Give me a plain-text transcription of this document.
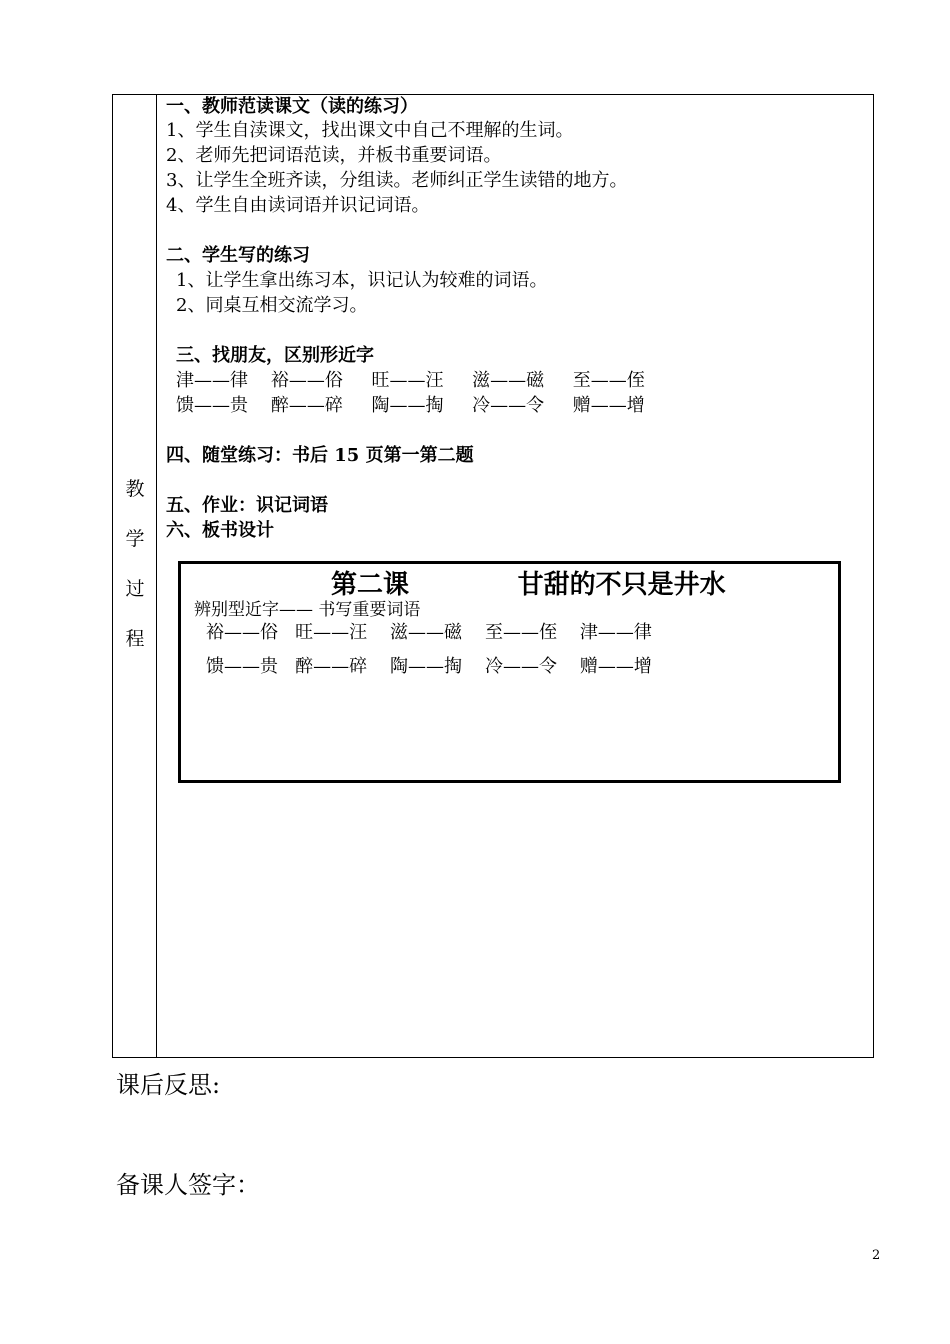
教
学
过
程
一、教师范读课文（读的练习）
1、学生自渎课文，找出课文中自己不理解的生词。
2、老师先把词语范读，并板书重要词语。
3、让学生全班齐读，分组读。老师纠正学生读错的地方。
4、学生自由读词语并识记词语。
二、学生写的练习
1、让学生拿出练习本，识记认为较难的词语。
2、同桌互相交流学习。
三、找朋友，区别形近字
津——律    裕——俗     旺——汪     滋——磁     至——侄
馈——贵    醉——碎     陶——掏     冷——令     赠——增
四、随堂练习：书后 15 页第一第二题
五、作业：识记词语
六、板书设计
第二课            甘甜的不只是井水
辨别型近字—— 书写重要词语
裕——俗   旺——汪    滋——磁    至——侄    津——律
馈——贵   醉——碎    陶——掏    冷——令    赠——增
课后反思:
备课人签字：
2
